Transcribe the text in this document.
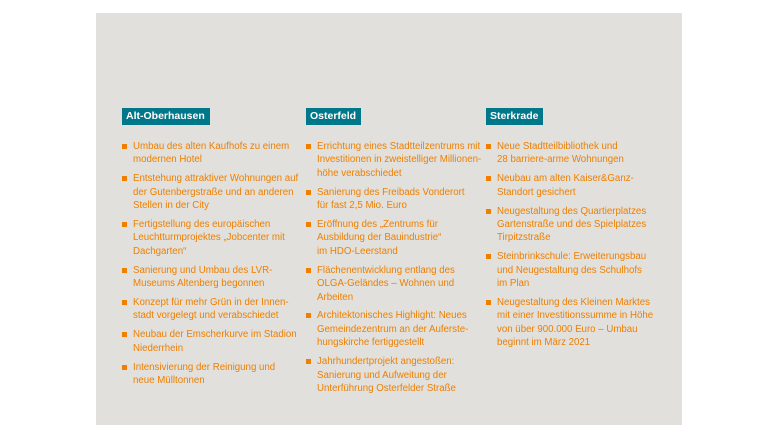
Alt-Oberhausen
Umbau des alten Kaufhofs zu einem
modernen Hotel
Entstehung attraktiver Wohnungen auf
der Gutenbergstraße und an anderen
Stellen in der City
Fertigstellung des europäischen
Leuchtturmprojektes „Jobcenter mit
Dachgarten“
Sanierung und Umbau des LVR-
Museums Altenberg begonnen
Konzept für mehr Grün in der Innen-
stadt vorgelegt und verabschiedet
Neubau der Emscherkurve im Stadion
Niederrhein
Intensivierung der Reinigung und
neue Mülltonnen
Osterfeld
Errichtung eines Stadtteilzentrums mit
Investitionen in zweistelliger Millionen-
höhe verabschiedet
Sanierung des Freibads Vonderort
für fast 2,5 Mio. Euro
Eröffnung des „Zentrums für
Ausbildung der Bauindustrie“
im HDO-Leerstand
Flächenentwicklung entlang des
OLGA-Geländes – Wohnen und
Arbeiten
Architektonisches Highlight: Neues
Gemeindezentrum an der Auferste-
hungskirche fertiggestellt
Jahrhundertprojekt angestoßen:
Sanierung und Aufweitung der
Unterführung Osterfelder Straße
Sterkrade
Neue Stadtteilbibliothek und
28 barriere-arme Wohnungen
Neubau am alten Kaiser&Ganz-
Standort gesichert
Neugestaltung des Quartierplatzes
Gartenstraße und des Spielplatzes
Tirpitzstraße
Steinbrinkschule: Erweiterungsbau
und Neugestaltung des Schulhofs
im Plan
Neugestaltung des Kleinen Marktes
mit einer Investitionssumme in Höhe
von über 900.000 Euro – Umbau
beginnt im März 2021
